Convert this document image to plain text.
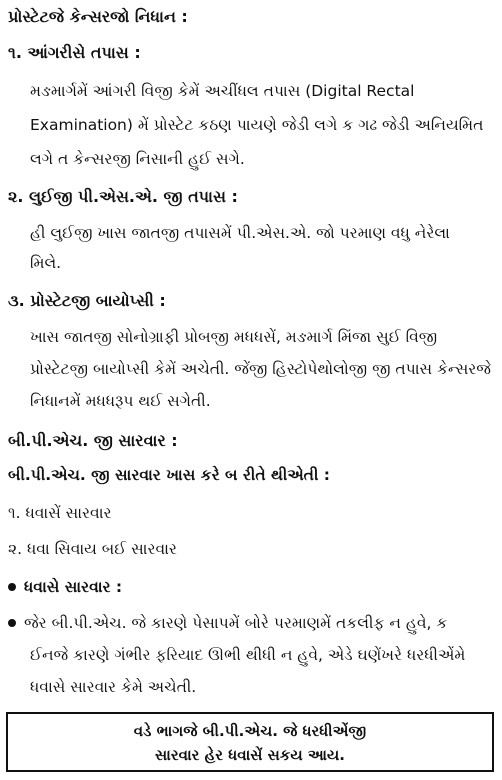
પ્રોસ્ટેટજે કેન્સરજો નિધાન :
૧. આંગરીસે તપાસ :
મઙમાર્ગમેં આંગરી વિજી કેમેં અચીંધલ તપાસ (Digital Rectal
Examination) મેં પ્રોસ્ટેટ કઠણ પાયણે જેડી લગે ક ગઢ જેડી અનિયમિત
લગે ત કેન્સરજી નિસાની હુઈ સગે.
૨. લુઈજી પી.એસ.એ. જી તપાસ :
હી લુઈજી ખાસ જાતજી તપાસમેં પી.એસ.એ. જો પરમાણ વધુ નેરેલા
મિલે.
૩. પ્રોસ્ટેટજી બાયોપ્સી :
ખાસ જાતજી સોનોગ્રાફી પ્રોબજી મધધસેં, મઙમાર્ગ મિંજા સુઈ વિજી
પ્રોસ્ટેટજી બાયોપ્સી કેમેં અચેતી. જેંજી હિસ્ટોપેથોલોજી જી તપાસ કેન્સરજે
નિધાનમેં મધધરૂપ થઈ સગેતી.
બી.પી.એચ. જી સારવાર :
બી.પી.એચ. જી સારવાર ખાસ કરે બ રીતે થીએતી :
૧. ધવાસેં સારવાર
૨. ધવા સિવાય બઈ સારવાર
ધવાસે સારવાર :
જેર બી.પી.એચ. જે કારણે પેસાપમેં બોરે પરમાણમેં તકલીફ ન હુવે, ક
ઈનજે કારણે ગંભીર ફરિયાદ ઊભી થીધી ન હુવે, એડે ઘણેંખરે ધરધીએંમે
ધવાસે સારવાર કેમે અચેતી.
વડે ભાગજે બી.પી.એચ. જે ધરધીએંજી
સારવાર હેર ધવાસેં સકય આય.
